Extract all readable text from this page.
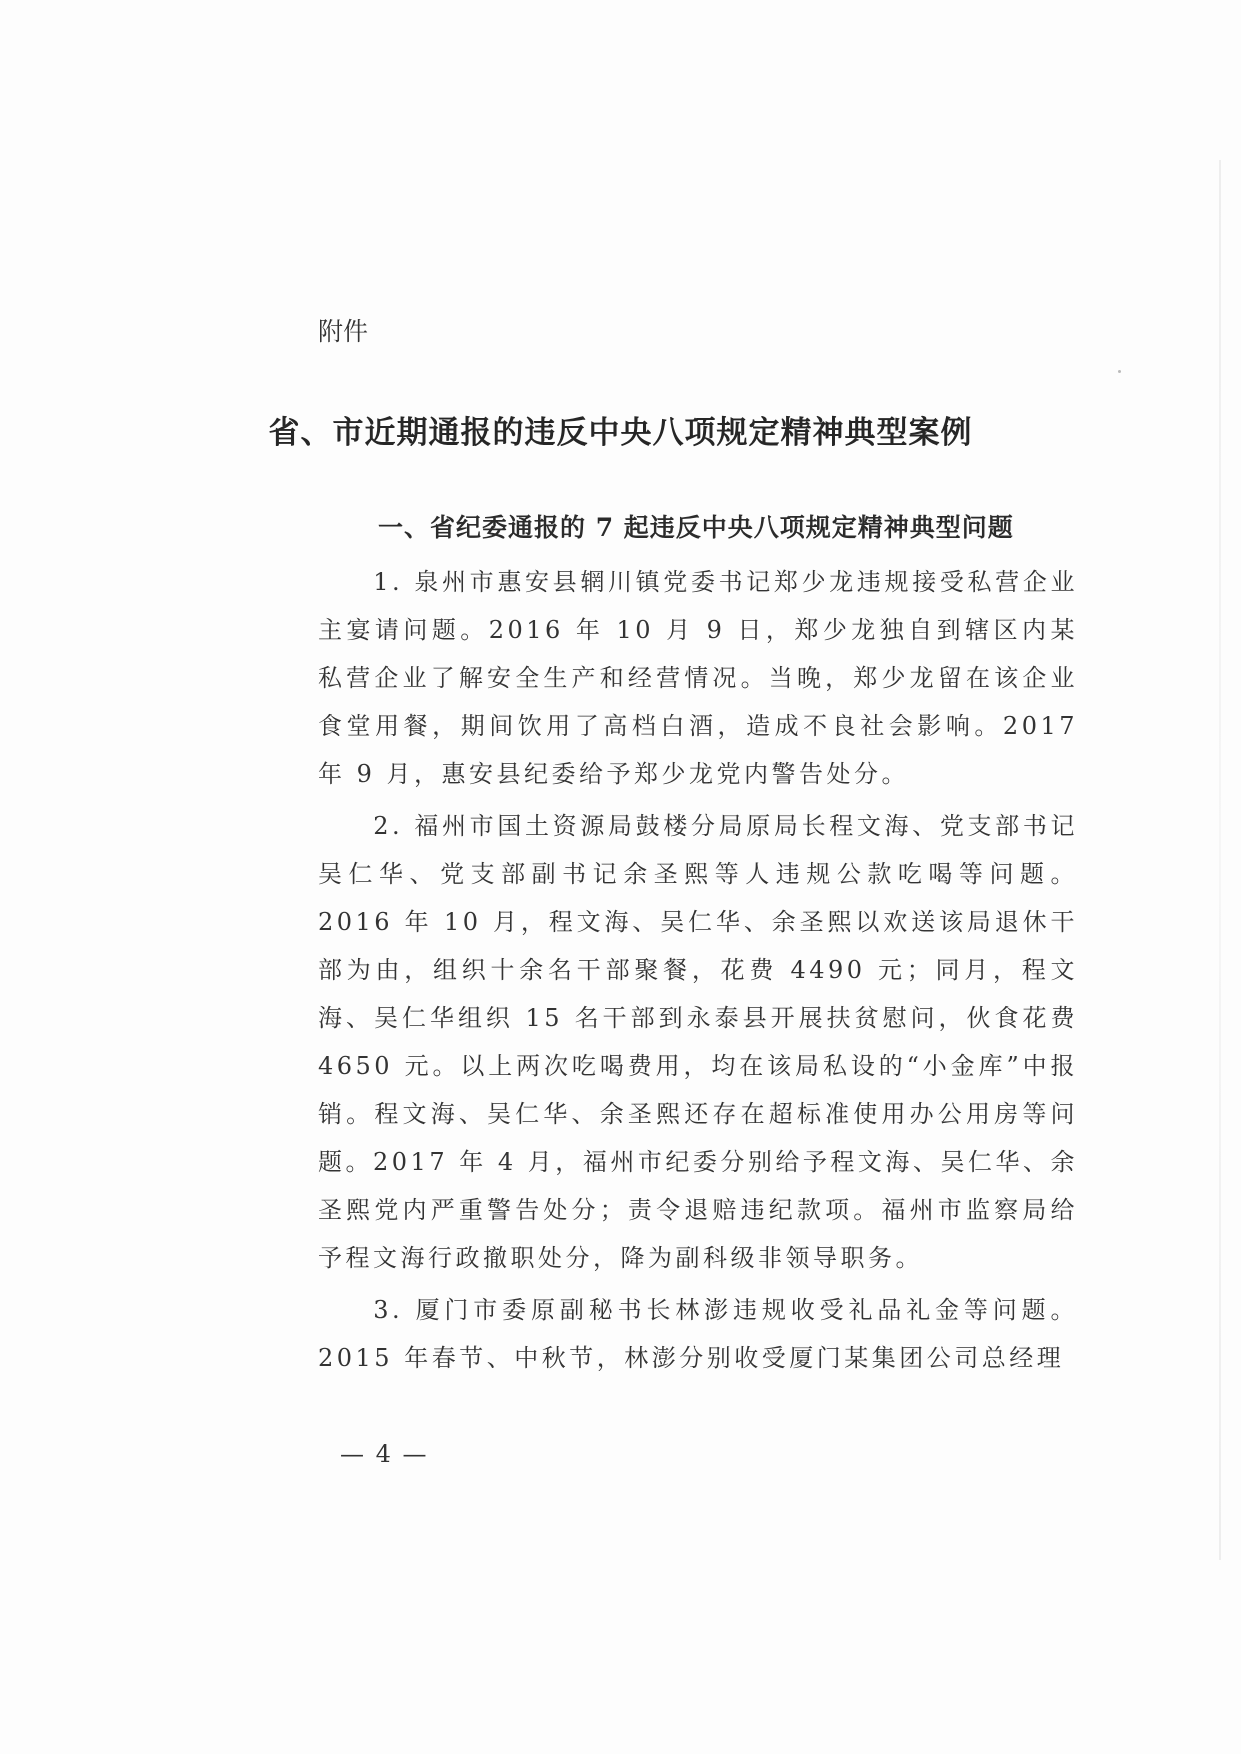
附件
省、市近期通报的违反中央八项规定精神典型案例
一、省纪委通报的 7 起违反中央八项规定精神典型问题

1. 泉州市惠安县辋川镇党委书记郑少龙违规接受私营企业主宴请问题。2016 年 10 月 9 日，郑少龙独自到辖区内某私营企业了解安全生产和经营情况。当晚，郑少龙留在该企业食堂用餐，期间饮用了高档白酒，造成不良社会影响。2017 年 9 月，惠安县纪委给予郑少龙党内警告处分。

2. 福州市国土资源局鼓楼分局原局长程文海、党支部书记吴仁华、党支部副书记余圣熙等人违规公款吃喝等问题。2016 年 10 月，程文海、吴仁华、余圣熙以欢送该局退休干部为由，组织十余名干部聚餐，花费 4490 元；同月，程文海、吴仁华组织 15 名干部到永泰县开展扶贫慰问，伙食花费 4650 元。以上两次吃喝费用，均在该局私设的“小金库”中报销。程文海、吴仁华、余圣熙还存在超标准使用办公用房等问题。2017 年 4 月，福州市纪委分别给予程文海、吴仁华、余圣熙党内严重警告处分；责令退赔违纪款项。福州市监察局给予程文海行政撤职处分，降为副科级非领导职务。

3. 厦门市委原副秘书长林澎违规收受礼品礼金等问题。2015 年春节、中秋节，林澎分别收受厦门某集团公司总经理

— 4 —
